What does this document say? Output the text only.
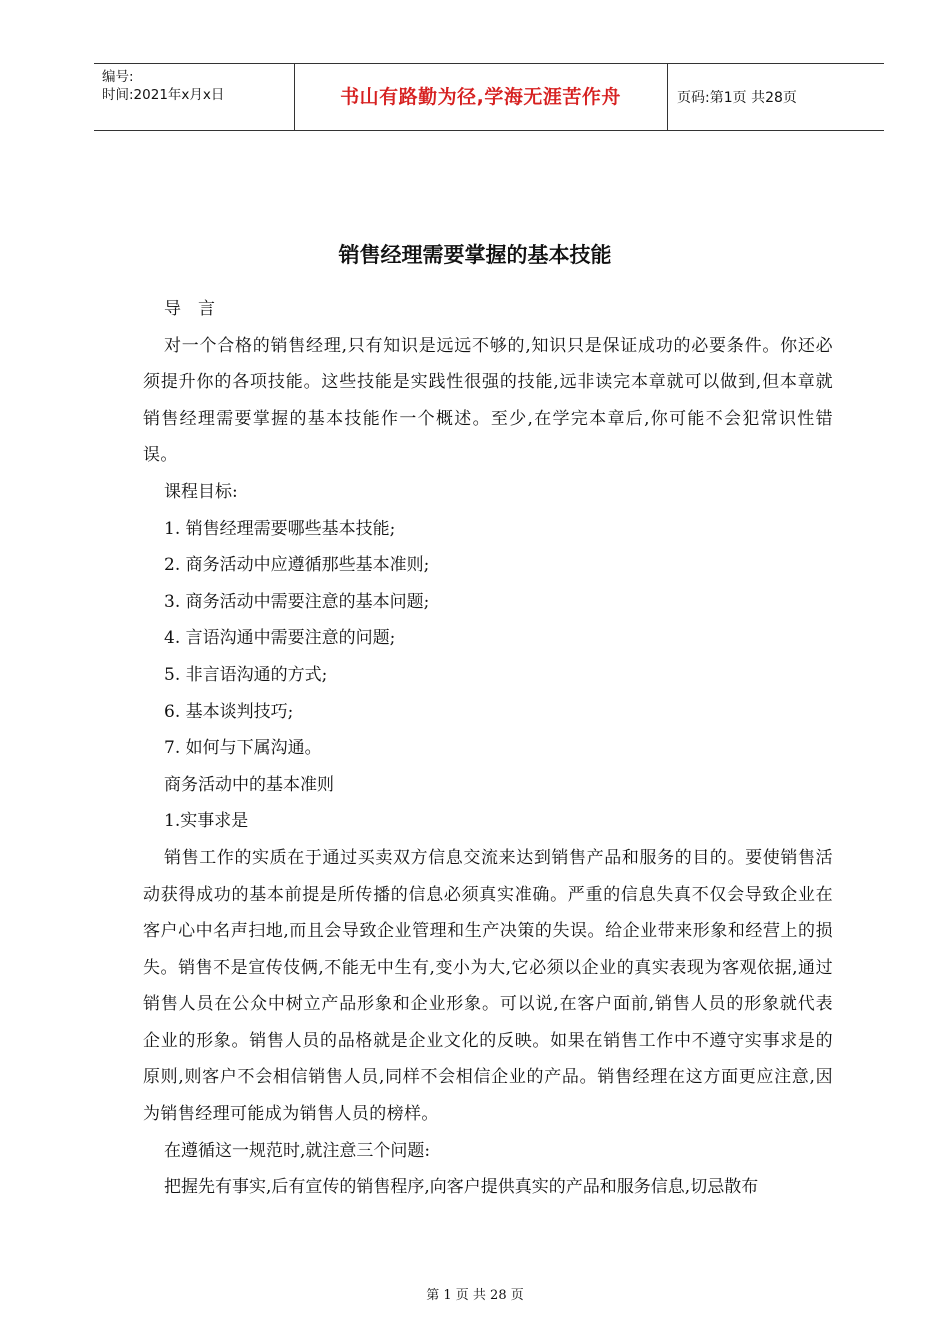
编号:
时间:2021年x月x日	书山有路勤为径,学海无涯苦作舟	页码:第1页 共28页
销售经理需要掌握的基本技能

导　言

对一个合格的销售经理,只有知识是远远不够的,知识只是保证成功的必要条件。你还必须提升你的各项技能。这些技能是实践性很强的技能,远非读完本章就可以做到,但本章就销售经理需要掌握的基本技能作一个概述。至少,在学完本章后,你可能不会犯常识性错误。

课程目标:

1. 销售经理需要哪些基本技能;

2. 商务活动中应遵循那些基本准则;

3. 商务活动中需要注意的基本问题;

4. 言语沟通中需要注意的问题;

5. 非言语沟通的方式;

6. 基本谈判技巧;

7. 如何与下属沟通。

商务活动中的基本准则

1.实事求是

销售工作的实质在于通过买卖双方信息交流来达到销售产品和服务的目的。要使销售活动获得成功的基本前提是所传播的信息必须真实准确。严重的信息失真不仅会导致企业在客户心中名声扫地,而且会导致企业管理和生产决策的失误。给企业带来形象和经营上的损失。销售不是宣传伎俩,不能无中生有,变小为大,它必须以企业的真实表现为客观依据,通过销售人员在公众中树立产品形象和企业形象。可以说,在客户面前,销售人员的形象就代表企业的形象。销售人员的品格就是企业文化的反映。如果在销售工作中不遵守实事求是的原则,则客户不会相信销售人员,同样不会相信企业的产品。销售经理在这方面更应注意,因为销售经理可能成为销售人员的榜样。

在遵循这一规范时,就注意三个问题:

把握先有事实,后有宣传的销售程序,向客户提供真实的产品和服务信息,切忌散布

第 1 页 共 28 页
